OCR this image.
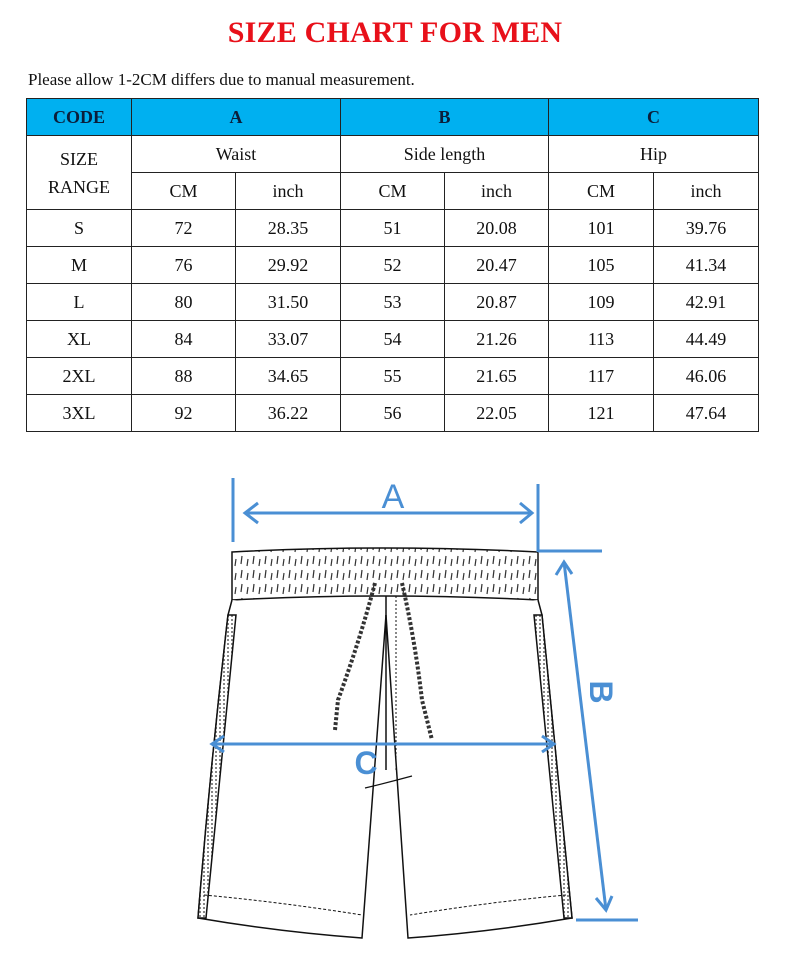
SIZE CHART FOR MEN
Please allow 1-2CM differs due to manual measurement.
CODE	A		B		C	

SIZE
RANGE	Waist		Side length		Hip	
	CM	inch	CM	inch	CM	inch
S	72	28.35	51	20.08	101	39.76
M	76	29.92	52	20.47	105	41.34
L	80	31.50	53	20.87	109	42.91
XL	84	33.07	54	21.26	113	44.49
2XL	88	34.65	55	21.65	117	46.06
3XL	92	36.22	56	22.05	121	47.64
A
B
C
